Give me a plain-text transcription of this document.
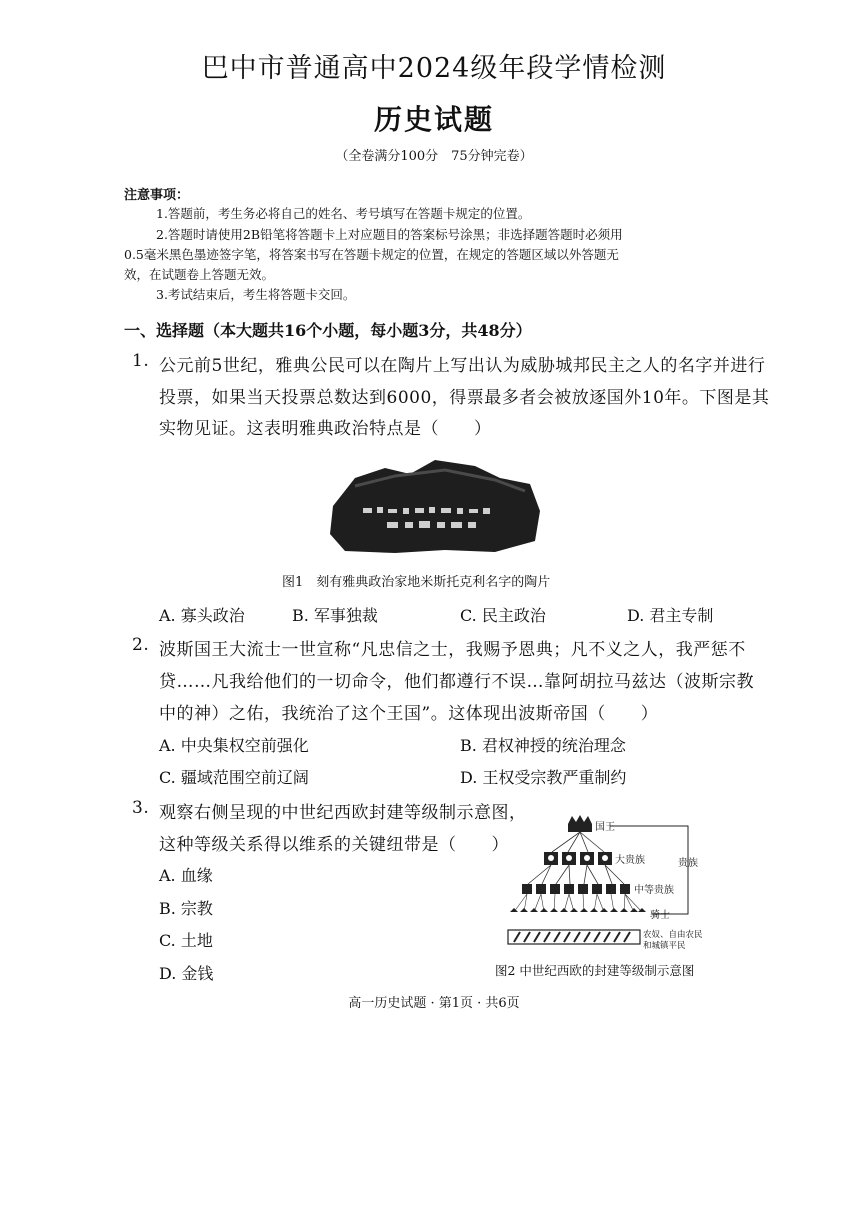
巴中市普通高中2024级年段学情检测
历史试题
（全卷满分100分　75分钟完卷）
注意事项：
1.答题前，考生务必将自己的姓名、考号填写在答题卡规定的位置。
2.答题时请使用2B铅笔将答题卡上对应题目的答案标号涂黑；非选择题答题时必须用
0.5毫米黑色墨迹签字笔，将答案书写在答题卡规定的位置，在规定的答题区域以外答题无
效，在试题卷上答题无效。
3.考试结束后，考生将答题卡交回。
一、选择题（本大题共16个小题，每小题3分，共48分）
1. 公元前5世纪，雅典公民可以在陶片上写出认为威胁城邦民主之人的名字并进行
投票，如果当天投票总数达到6000，得票最多者会被放逐国外10年。下图是其
实物见证。这表明雅典政治特点是（　　）
图1　刻有雅典政治家地米斯托克利名字的陶片
A. 寡头政治	B. 军事独裁	C. 民主政治	D. 君主专制
2. 波斯国王大流士一世宣称“凡忠信之士，我赐予恩典；凡不义之人，我严惩不
贷……凡我给他们的一切命令，他们都遵行不误…靠阿胡拉马兹达（波斯宗教
中的神）之佑，我统治了这个王国”。这体现出波斯帝国（　　）
A. 中央集权空前强化	B. 君权神授的统治理念
C. 疆域范围空前辽阔	D. 王权受宗教严重制约
3. 观察右侧呈现的中世纪西欧封建等级制示意图，
这种等级关系得以维系的关键纽带是（　　）
A. 血缘
B. 宗教
C. 土地
D. 金钱
国王
贵族
大贵族
中等贵族
骑士
农奴、自由农民
和城镇平民
图2 中世纪西欧的封建等级制示意图
高一历史试题 · 第1页 · 共6页
